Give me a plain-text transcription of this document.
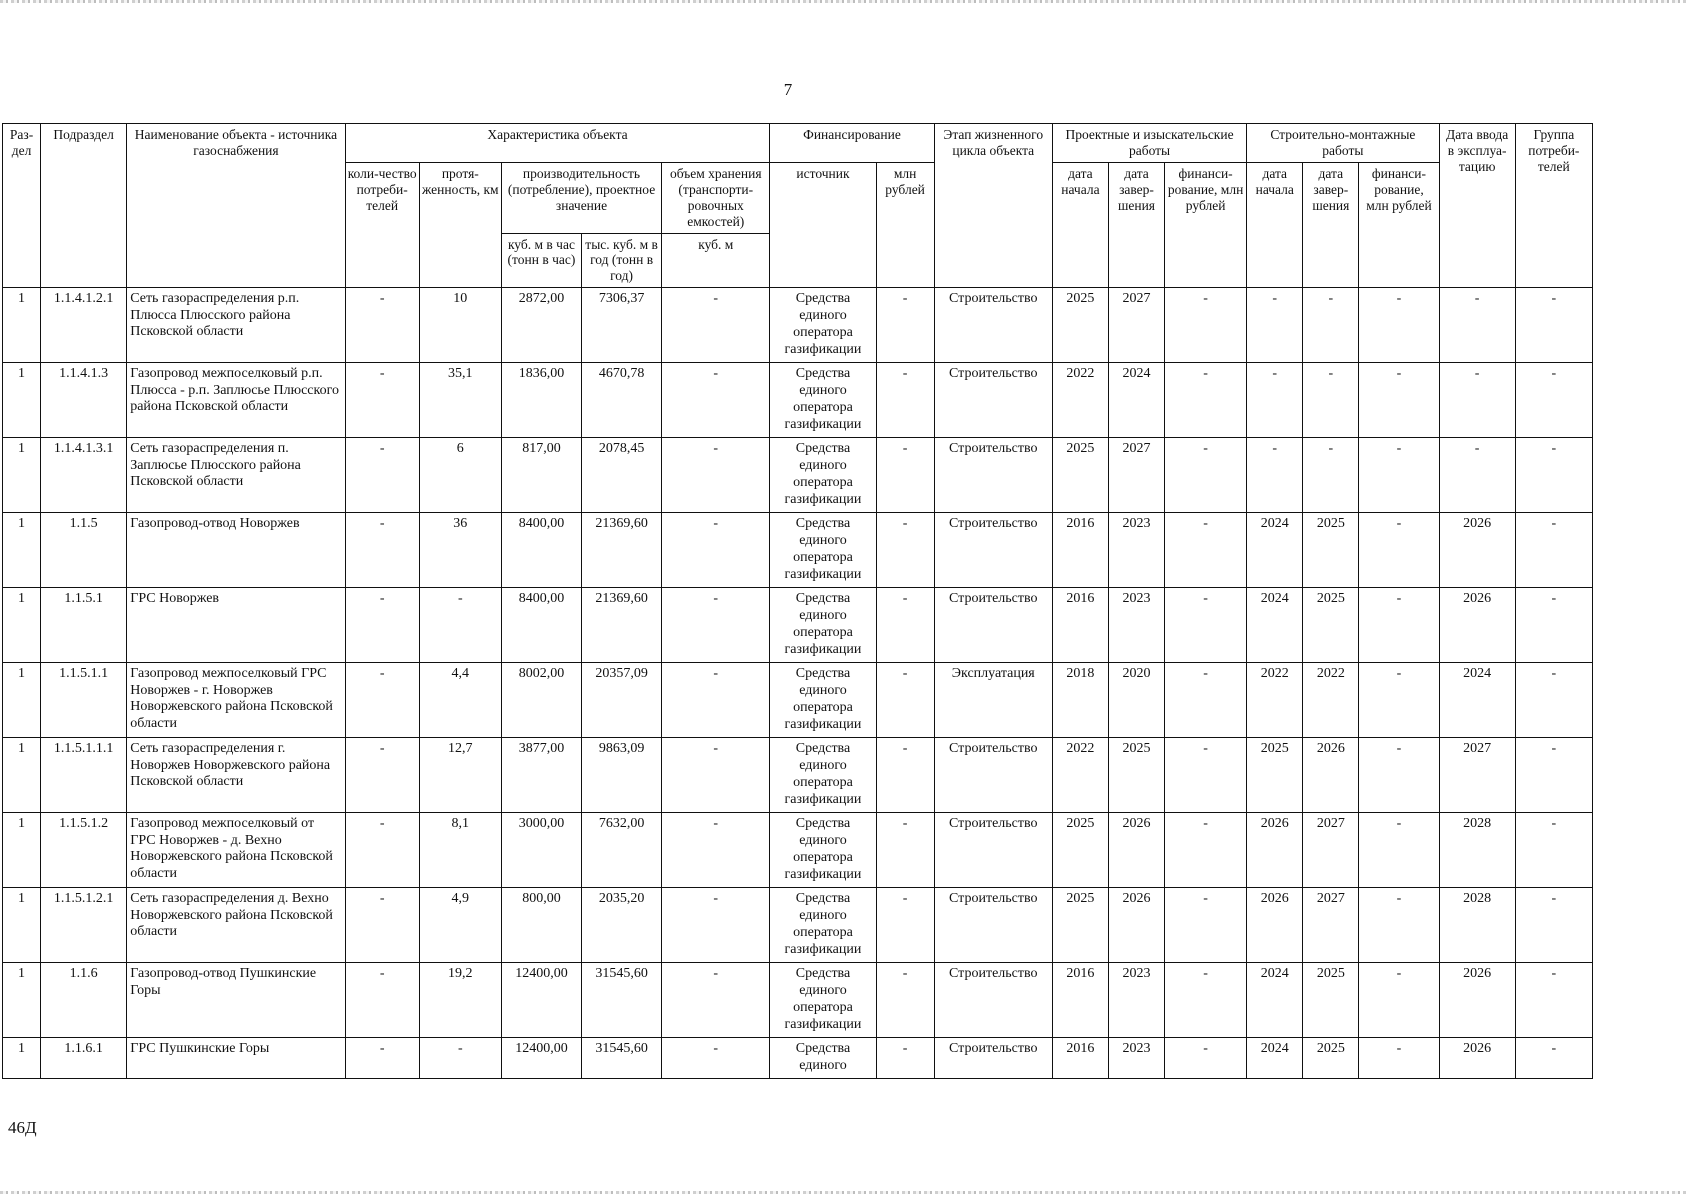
7
Раз-дел	Подраздел	Наименование объекта - источника газоснабжения	Характеристика объекта					Финансирование		Этап жизненного цикла объекта	Проектные и изыскательские работы			Строительно-монтажные работы			Дата ввода в эксплуа-тацию	Группа потреби-телей
			коли-чество потреби-телей	протя-женность, км	производительность (потребление), проектное значение		объем хранения (транспорти-ровочных емкостей)	источник	млн рублей		дата начала	дата завер-шения	финанси-рование, млн рублей	дата начала	дата завер-шения	финанси-рование, млн рублей		
					куб. м в час (тонн в час)	тыс. куб. м в год (тонн в год)	куб. м											
1	1.1.4.1.2.1	Сеть газораспределения р.п. Плюсса Плюсского района Псковской области	-	10	2872,00	7306,37	-	Средства единого оператора газификации	-	Строительство	2025	2027	-	-	-	-	-	-
1	1.1.4.1.3	Газопровод межпоселковый р.п. Плюсса - р.п. Заплюсье Плюсского района Псковской области	-	35,1	1836,00	4670,78	-	Средства единого оператора газификации	-	Строительство	2022	2024	-	-	-	-	-	-
1	1.1.4.1.3.1	Сеть газораспределения п. Заплюсье Плюсского района Псковской области	-	6	817,00	2078,45	-	Средства единого оператора газификации	-	Строительство	2025	2027	-	-	-	-	-	-
1	1.1.5	Газопровод-отвод Новоржев	-	36	8400,00	21369,60	-	Средства единого оператора газификации	-	Строительство	2016	2023	-	2024	2025	-	2026	-
1	1.1.5.1	ГРС Новоржев	-	-	8400,00	21369,60	-	Средства единого оператора газификации	-	Строительство	2016	2023	-	2024	2025	-	2026	-
1	1.1.5.1.1	Газопровод межпоселковый ГРС Новоржев - г. Новоржев Новоржевского района Псковской области	-	4,4	8002,00	20357,09	-	Средства единого оператора газификации	-	Эксплуатация	2018	2020	-	2022	2022	-	2024	-
1	1.1.5.1.1.1	Сеть газораспределения г. Новоржев Новоржевского района Псковской области	-	12,7	3877,00	9863,09	-	Средства единого оператора газификации	-	Строительство	2022	2025	-	2025	2026	-	2027	-
1	1.1.5.1.2	Газопровод межпоселковый от ГРС Новоржев - д. Вехно Новоржевского района Псковской области	-	8,1	3000,00	7632,00	-	Средства единого оператора газификации	-	Строительство	2025	2026	-	2026	2027	-	2028	-
1	1.1.5.1.2.1	Сеть газораспределения д. Вехно Новоржевского района Псковской области	-	4,9	800,00	2035,20	-	Средства единого оператора газификации	-	Строительство	2025	2026	-	2026	2027	-	2028	-
1	1.1.6	Газопровод-отвод Пушкинские Горы	-	19,2	12400,00	31545,60	-	Средства единого оператора газификации	-	Строительство	2016	2023	-	2024	2025	-	2026	-
1	1.1.6.1	ГРС Пушкинские Горы	-	-	12400,00	31545,60	-	Средства единого	-	Строительство	2016	2023	-	2024	2025	-	2026	-
46Д
